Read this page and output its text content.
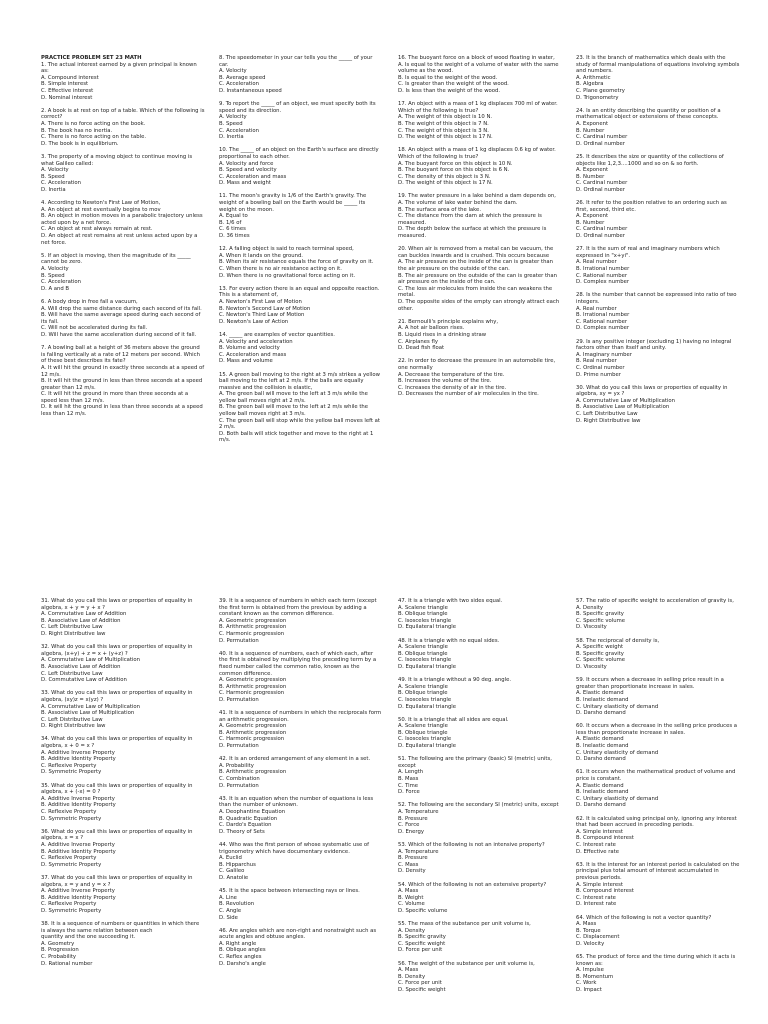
PRACTICE PROBLEM SET 23 MATH
1. The actual interest earned by a given principal is known as:
A. Compound interest
B. Simple interest
C. Effective interest
D. Nominal interest
2. A book is at rest on top of a table. Which of the following is correct?
A. There is no force acting on the book.
B. The book has no inertia.
C. There is no force acting on the table.
D. The book is in equilibrium.
3. The property of a moving object to continue moving is what Galileo called:
A. Velocity
B. Speed
C. Acceleration
D. Inertia
4. According to Newton's First Law of Motion,
A. An object at rest eventually begins to mov
B. An object in motion moves in a parabolic trajectory unless acted upon by a net force.
C. An object at rest always remain at rest.
D. An object at rest remains at rest unless acted upon by a net force.
5. If an object is moving, then the magnitude of its _____ cannot be zero.
A. Velocity
B. Speed
C. Acceleration
D. A and B
6. A body drop in free fall a vacuum,
A. Will drop the same distance during each second of its fall.
B. Will have the same average speed during each second of its fall.
C. Will not be accelerated during its fall.
D. Will have the same acceleration during second of it fall.
7. A bowling ball at a height of 36 meters above the ground is falling vertically at a rate of 12 meters per second. Which of these best describes its fate?
A. It will hit the ground in exactly three seconds at a speed of 12 m/s.
B. It will hit the ground in less than three seconds at a speed greater than 12 m/s.
C. It will hit the ground in more than three seconds at a speed less than 12 m/s.
D. It will hit the ground in less than three seconds at a speed less than 12 m/s.
8. The speedometer in your car tells you the _____ of your car.
A. Velocity
B. Average speed
C. Acceleration
D. Instantaneous speed
9. To report the _____ of an object, we must specify both its speed and its direction.
A. Velocity
B. Speed
C. Acceleration
D. Inertia
10. The _____ of an object on the Earth's surface are directly proportional to each other.
A. Velocity and force
B. Speed and velocity
C. Acceleration and mass
D. Mass and weight
11. The moon's gravity is 1/6 of the Earth's gravity. The weight of a bowling ball on the Earth would be _____ its weight on the moon.
A. Equal to
B. 1/6 of
C. 6 times
D. 36 times
12. A falling object is said to reach terminal speed,
A. When it lands on the ground.
B. When its air resistance equals the force of gravity on it.
C. When there is no air resistance acting on it.
D. When there is no gravitational force acting on it.
13. For every action there is an equal and opposite reaction. This is a statement of,
A. Newton's First Law of Motion
B. Newton's Second Law of Motion
C. Newton's Third Law of Motion
D. Newton's Law of Action
14. _____ are examples of vector quantities.
A. Velocity and acceleration
B. Volume and velocity
C. Acceleration and mass
D. Mass and volume
15. A green ball moving to the right at 3 m/s strikes a yellow ball moving to the left at 2 m/s. If the balls are equally massive and the collision is elastic,
A. The green ball will move to the left at 3 m/s while the yellow ball moves right at 2 m/s.
B. The green ball will move to the left at 2 m/s while the yellow ball moves right at 3 m/s.
C. The green ball will stop while the yellow ball moves left at 2 m/s.
D. Both balls will stick together and move to the right at 1 m/s.
16. The buoyant force on a block of wood floating in water,
A. Is equal to the weight of a volume of water with the same volume as the wood.
B. Is equal to the weight of the wood.
C. Is greater than the weight of the wood.
D. Is less than the weight of the wood.
17. An object with a mass of 1 kg displaces 700 ml of water. Which of the following is true?
A. The weight of this object is 10 N.
B. The weight of this object is 7 N.
C. The weight of this object is 3 N.
D. The weight of this object is 17 N.
18. An object with a mass of 1 kg displaces 0.6 kg of water. Which of the following is true?
A. The buoyant force on this object is 10 N.
B. The buoyant force on this object is 6 N.
C. The density of this object is 3 N.
D. The weight of this object is 17 N.
19. The water pressure in a lake behind a dam depends on,
A. The volume of lake water behind the dam.
B. The surface area of the lake.
C. The distance from the dam at which the pressure is measured.
D. The depth below the surface at which the pressure is measured.
20. When air is removed from a metal can be vacuum, the can buckles inwards and is crushed. This occurs because
A. The air pressure on the inside of the can is greater than the air pressure on the outside of the can.
B. The air pressure on the outside of the can is greater than air pressure on the inside of the can.
C. The loss air molecules from inside the can weakens the metal.
D. The opposite sides of the empty can strongly attract each other.
21. Bernoulli's principle explains why,
A. A hot air balloon rises.
B. Liquid rises in a drinking straw
C. Airplanes fly
D. Dead fish float
22. In order to decrease the pressure in an automobile tire, one normally
A. Decrease the temperature of the tire.
B. Increases the volume of the tire.
C. Increases the density of air in the tire.
D. Decreases the number of air molecules in the tire.
23. It is the branch of mathematics which deals with the study of formal manipulations of equations involving symbols and numbers.
A. Arithmetic
B. Algebra
C. Plane geometry
D. Trigonometry
24. Is an entity describing the quantity or position of a mathematical object or extensions of these concepts.
A. Exponent
B. Number
C. Cardinal number
D. Ordinal number
25. It describes the size or quantity of the collections of objects like 1,2,3....1000 and so on & so forth.
A. Exponent
B. Number
C. Cardinal number
D. Ordinal number
26. It refer to the position relative to an ordering such as first, second, third etc.
A. Exponent
B. Number
C. Cardinal number
D. Ordinal number
27. It is the sum of real and imaginary numbers which expressed in "x+yi".
A. Real number
B. Irrational number
C. Rational number
D. Complex number
28. Is the number that cannot be expressed into ratio of two integers.
A. Real number
B. Irrational number
C. Rational number
D. Complex number
29. Is any positive integer (excluding 1) having no integral factors other than itself and unity.
A. Imaginary number
B. Real number
C. Ordinal number
D. Prime number
30. What do you call this laws or properties of equality in algebra, xy = yx ?
A. Commutative Law of Multiplication
B. Associative Law of Multiplication
C. Left Distributive Law
D. Right Distributive law
31. What do you call this laws or properties of equality in algebra, x + y = y + x ?
A. Commutative Law of Addition
B. Associative Law of Addition
C. Left Distributive Law
D. Right Distributive law
32. What do you call this laws or properties of equality in algebra, (x+y) + z = x + (y+z) ?
A. Commutative Law of Multiplication
B. Associative Law of Addition
C. Left Distributive Law
D. Commutative Law of Addition
33. What do you call this laws or properties of equality in algebra, (xy)z = x(yz) ?
A. Commutative Law of Multiplication
B. Associative Law of Multiplication
C. Left Distributive Law
D. Right Distributive law
34. What do you call this laws or properties of equality in algebra, x + 0 = x ?
A. Additive Inverse Property
B. Additive Identity Property
C. Reflexive Property
D. Symmetric Property
35. What do you call this laws or properties of equality in algebra, x + (-x) = 0 ?
A. Additive Inverse Property
B. Additive Identity Property
C. Reflexive Property
D. Symmetric Property
36. What do you call this laws or properties of equality in algebra, x = x ?
A. Additive Inverse Property
B. Additive Identity Property
C. Reflexive Property
D. Symmetric Property
37. What do you call this laws or properties of equality in algebra, x = y and y = x ?
A. Additive Inverse Property
B. Additive Identity Property
C. Reflexive Property
D. Symmetric Property
38. It is a sequence of numbers or quantities in which there is always the same relation between each
quantity and the one succeeding it.
A. Geometry
B. Progression
C. Probability
D. Rational number
39. It is a sequence of numbers in which each term (except the first term is obtained from the previous by adding a constant known as the common difference.
A. Geometric progression
B. Arithmetic progression
C. Harmonic progression
D. Permutation
40. It is a sequence of numbers, each of which each, after the first is obtained by multiplying the preceding term by a fixed number called the common ratio, known as the common difference.
A. Geometric progression
B. Arithmetic progression
C. Harmonic progression
D. Permutation
41. It is a sequence of numbers in which the reciprocals form an arithmetic progression.
A. Geometric progression
B. Arithmetic progression
C. Harmonic progression
D. Permutation
42. It is an ordered arrangement of any element in a set.
A. Probability
B. Arithmetic progression
C. Combination
D. Permutation
43. It is an equation when the number of equations is less than the number of unknown.
A. Deophantine Equation
B. Quadratic Equation
C. Dardo's Equation
D. Theory of Sets
44. Who was the first person of whose systematic use of trigonometry which have documentary evidence.
A. Euclid
B. Hipparchus
C. Galileo
D. Anatolie
45. It is the space between intersecting rays or lines.
A. Line
B. Revolution
C. Angle
D. Side
46. Are angles which are non-right and nonstraight such as acute angles and obtuse angles.
A. Right angle
B. Oblique angles
C. Reflex angles
D. Darsho's angle
47. It is a triangle with two sides equal.
A. Scalene triangle
B. Oblique triangle
C. Isosceles triangle
D. Equilateral triangle
48. It is a triangle with no equal sides.
A. Scalene triangle
B. Oblique triangle
C. Isosceles triangle
D. Equilateral triangle
49. It is a triangle without a 90 deg. angle.
A. Scalene triangle
B. Oblique triangle
C. Isosceles triangle
D. Equilateral triangle
50. It is a triangle that all sides are equal.
A. Scalene triangle
B. Oblique triangle
C. Isosceles triangle
D. Equilateral triangle
51. The following are the primary (basic) SI (metric) units, except
A. Length
B. Mass
C. Time
D. Force
52. The following are the secondary SI (metric) units, except
A. Temperature
B. Pressure
C. Force
D. Energy
53. Which of the following is not an intensive property?
A. Temperature
B. Pressure
C. Mass
D. Density
54. Which of the following is not an extensive property?
A. Mass
B. Weight
C. Volume
D. Specific volume
55. The mass of the substance per unit volume is,
A. Density
B. Specific gravity
C. Specific weight
D. Force per unit
56. The weight of the substance per unit volume is,
A. Mass
B. Density
C. Force per unit
D. Specific weight
57. The ratio of specific weight to acceleration of gravity is,
A. Density
B. Specific gravity
C. Specific volume
D. Viscosity
58. The reciprocal of density is,
A. Specific weight
B. Specific gravity
C. Specific volume
D. Viscosity
59. It occurs when a decrease in selling price result in a greater than proportionate increase in sales.
A. Elastic demand
B. Inelastic demand
C. Unitary elasticity of demand
D. Darsho demand
60. It occurs when a decrease in the selling price produces a less than proportionate increase in sales.
A. Elastic demand
B. Inelastic demand
C. Unitary elasticity of demand
D. Darsho demand
61. It occurs when the mathematical product of volume and price is constant.
A. Elastic demand
B. Inelastic demand
C. Unitary elasticity of demand
D. Darsho demand
62. It is calculated using principal only, ignoring any interest that had been accrued in preceding periods.
A. Simple interest
B. Compound interest
C. Interest rate
D. Effective rate
63. It is the interest for an interest period is calculated on the principal plus total amount of interest accumulated in previous periods.
A. Simple interest
B. Compound interest
C. Interest rate
D. Interest rate
64. Which of the following is not a vector quantity?
A. Mass
B. Torque
C. Displacement
D. Velocity
65. The product of force and the time during which it acts is known as:
A. Impulse
B. Momentum
C. Work
D. Impact
